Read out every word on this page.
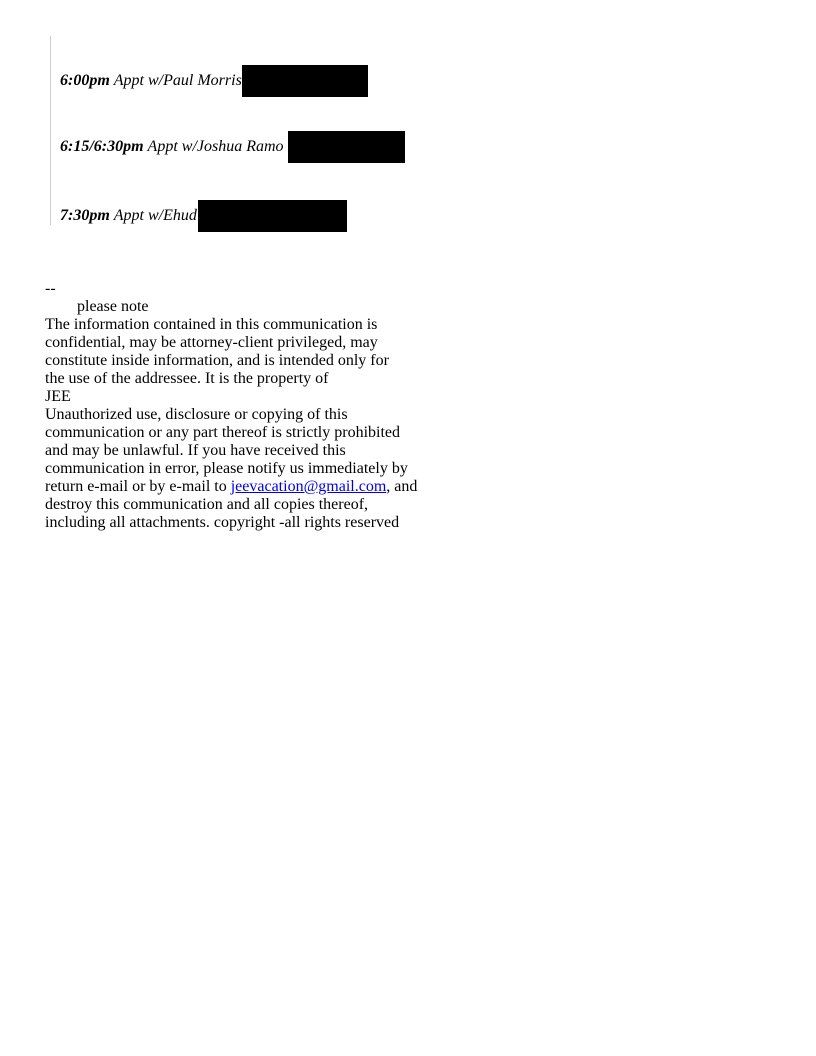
6:00pm Appt w/Paul Morris
6:15/6:30pm Appt w/Joshua Ramo
7:30pm Appt w/Ehud
--
please note
The information contained in this communication is
confidential, may be attorney-client privileged, may
constitute inside information, and is intended only for
the use of the addressee. It is the property of
JEE
Unauthorized use, disclosure or copying of this
communication or any part thereof is strictly prohibited
and may be unlawful. If you have received this
communication in error, please notify us immediately by
return e-mail or by e-mail to jeevacation@gmail.com, and
destroy this communication and all copies thereof,
including all attachments. copyright -all rights reserved
